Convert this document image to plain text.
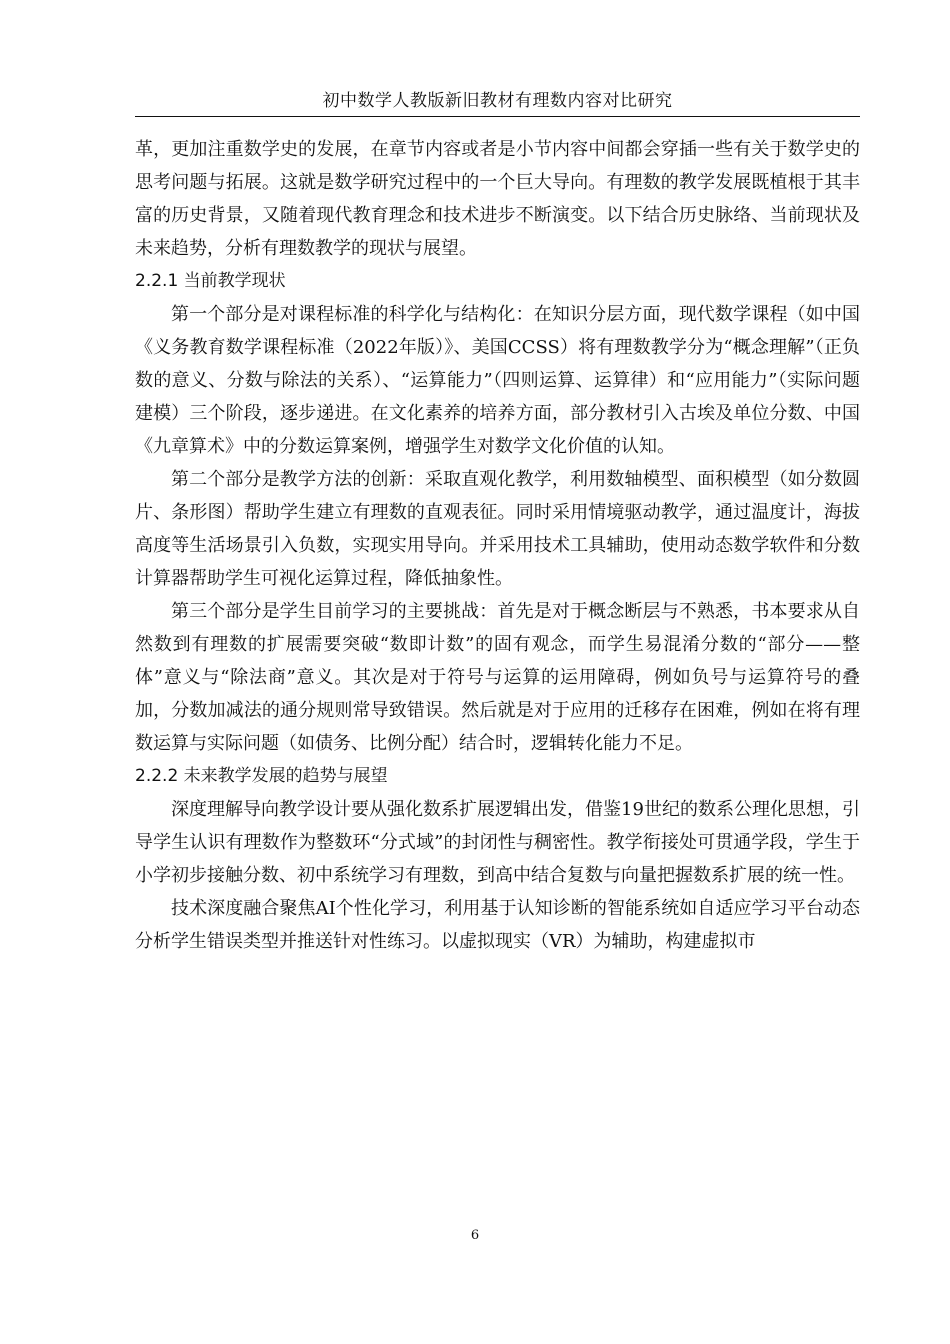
初中数学人教版新旧教材有理数内容对比研究

革，更加注重数学史的发展，在章节内容或者是小节内容中间都会穿插一些有关于数学史的思考问题与拓展。这就是数学研究过程中的一个巨大导向。有理数的教学发展既植根于其丰富的历史背景，又随着现代教育理念和技术进步不断演变。以下结合历史脉络、当前现状及未来趋势，分析有理数教学的现状与展望。

2.2.1 当前教学现状

第一个部分是对课程标准的科学化与结构化：在知识分层方面，现代数学课程（如中国《义务教育数学课程标准（2022年版）》、美国CCSS）将有理数教学分为“概念理解”（正负数的意义、分数与除法的关系）、“运算能力”（四则运算、运算律）和“应用能力”（实际问题建模）三个阶段，逐步递进。在文化素养的培养方面，部分教材引入古埃及单位分数、中国《九章算术》中的分数运算案例，增强学生对数学文化价值的认知。

第二个部分是教学方法的创新：采取直观化教学，利用数轴模型、面积模型（如分数圆片、条形图）帮助学生建立有理数的直观表征。同时采用情境驱动教学，通过温度计，海拔高度等生活场景引入负数，实现实用导向。并采用技术工具辅助，使用动态数学软件和分数计算器帮助学生可视化运算过程，降低抽象性。

第三个部分是学生目前学习的主要挑战：首先是对于概念断层与不熟悉，书本要求从自然数到有理数的扩展需要突破“数即计数”的固有观念，而学生易混淆分数的“部分——整体”意义与“除法商”意义。其次是对于符号与运算的运用障碍，例如负号与运算符号的叠加，分数加减法的通分规则常导致错误。然后就是对于应用的迁移存在困难，例如在将有理数运算与实际问题（如债务、比例分配）结合时，逻辑转化能力不足。

2.2.2 未来教学发展的趋势与展望

深度理解导向教学设计要从强化数系扩展逻辑出发，借鉴19世纪的数系公理化思想，引导学生认识有理数作为整数环“分式域”的封闭性与稠密性。教学衔接处可贯通学段，学生于小学初步接触分数、初中系统学习有理数，到高中结合复数与向量把握数系扩展的统一性。

技术深度融合聚焦AI个性化学习，利用基于认知诊断的智能系统如自适应学习平台动态分析学生错误类型并推送针对性练习。以虚拟现实（VR）为辅助，构建虚拟市

6
